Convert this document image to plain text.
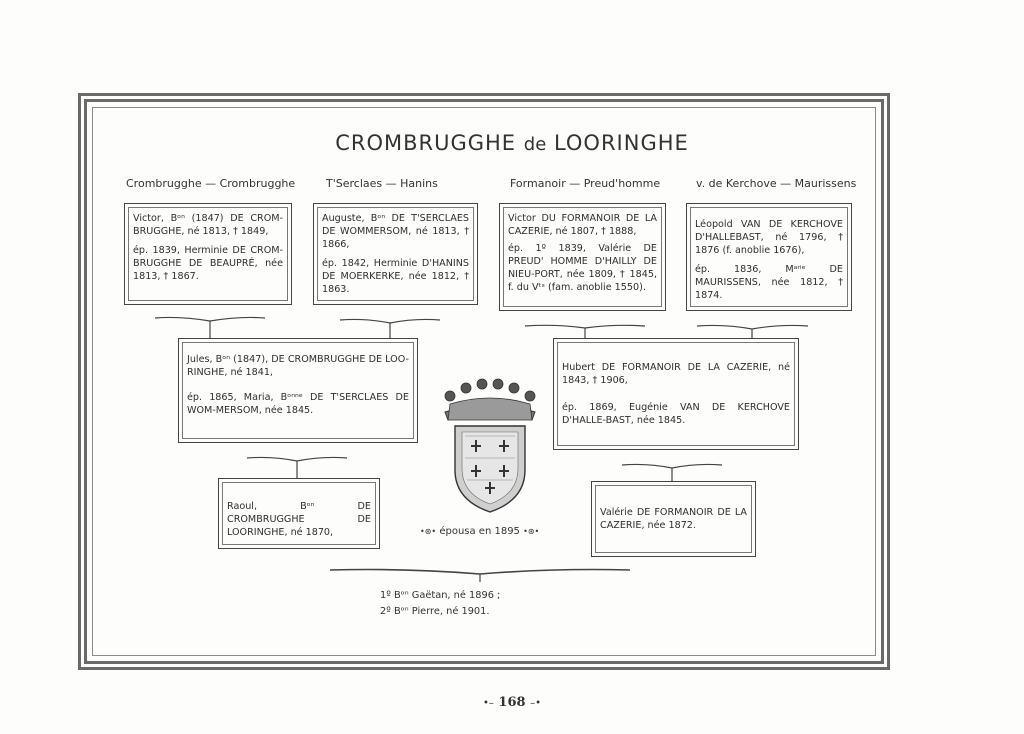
CROMBRUGGHE de LOORINGHE
Crombrugghe — Crombrugghe	T'Serclaes — Hanins	Formanoir — Preud'homme	v. de Kerchove — Maurissens

Victor, Bᵒⁿ (1847) DE CROM-BRUGGHE, né 1813, † 1849,

ép. 1839, Herminie DE CROM-BRUGGHE DE BEAUPRÉ, née 1813, † 1867.

Auguste, Bᵒⁿ DE T'SERCLAES DE WOMMERSOM, né 1813, † 1866,

ép. 1842, Herminie D'HANINS DE MOERKERKE, née 1812, † 1863.

Victor DU FORMANOIR DE LA CAZERIE, né 1807, † 1888,

ép. 1º 1839, Valérie DE PREUD' HOMME D'HAILLY DE NIEU-PORT, née 1809, † 1845, f. du Vᵗˢ (fam. anoblie 1550).

Léopold VAN DE KERCHOVE D'HALLEBAST, né 1796, † 1876 (f. anoblie 1676),

ép. 1836, Mᵃʳⁱᵉ DE MAURISSENS, née 1812, † 1874.

Jules, Bᵒⁿ (1847), DE CROMBRUGGHE DE LOO-RINGHE, né 1841,

ép. 1865, Maria, Bᵒⁿⁿᵉ DE T'SERCLAES DE WOM-MERSOM, née 1845.

Hubert DE FORMANOIR DE LA CAZERIE, né 1843, † 1906,

ép. 1869, Eugénie VAN DE KERCHOVE D'HALLE-BAST, née 1845.

Raoul, Bᵒⁿ DE CROMBRUGGHE DE LOORINGHE, né 1870,

Valérie DE FORMANOIR DE LA CAZERIE, née 1872.

•⊛• épousa en 1895 •⊛•
1º Bᵒⁿ Gaëtan, né 1896 ;
2º Bᵒⁿ Pierre, né 1901.
•– 168 –•
